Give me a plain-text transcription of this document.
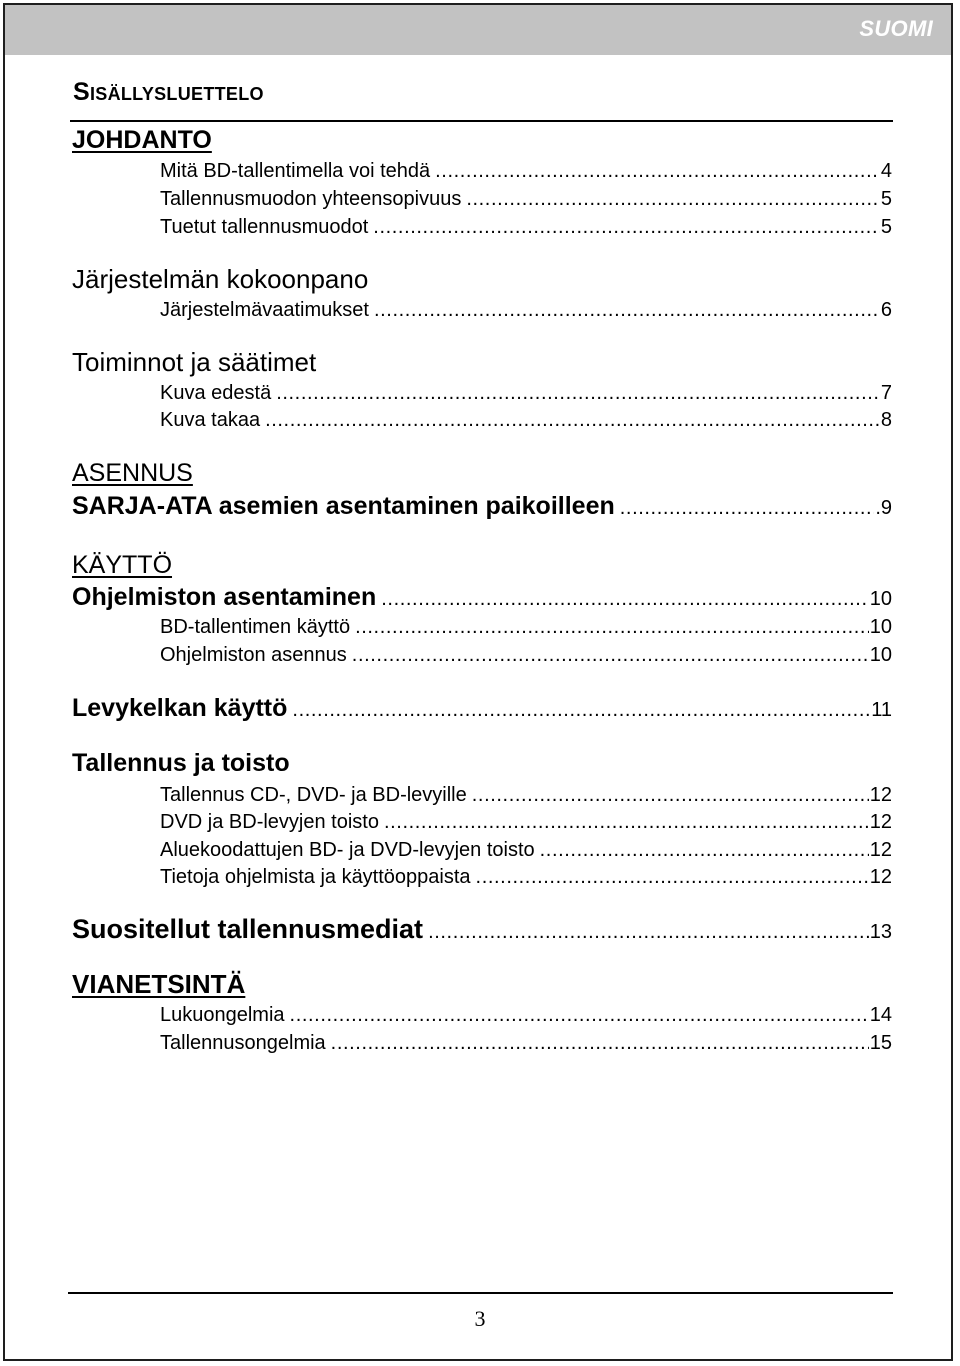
SUOMI
Sisällysluettelo
JOHDANTO
Mitä BD-tallentimella voi tehdä .....	4
Tallennusmuodon yhteensopivuus .....	5
Tuetut tallennusmuodot .....	5
Järjestelmän kokoonpano
Järjestelmävaatimukset .....	6
Toiminnot ja säätimet
Kuva edestä .....	7
Kuva takaa .....	8
ASENNUS
SARJA-ATA asemien asentaminen paikoilleen .....	.9
KÄYTTÖ
Ohjelmiston asentaminen .....	10
BD-tallentimen käyttö .....	10
Ohjelmiston asennus .....	10
Levykelkan käyttö .....	11
Tallennus ja toisto
Tallennus CD-, DVD- ja BD-levyille .....	12
DVD ja BD-levyjen toisto .....	12
Aluekoodattujen BD- ja DVD-levyjen toisto .....	12
Tietoja ohjelmista ja käyttöoppaista .....	12
Suositellut tallennusmediat .....	13
VIANETSINTÄ
Lukuongelmia .....	14
Tallennusongelmia .....	15
3
